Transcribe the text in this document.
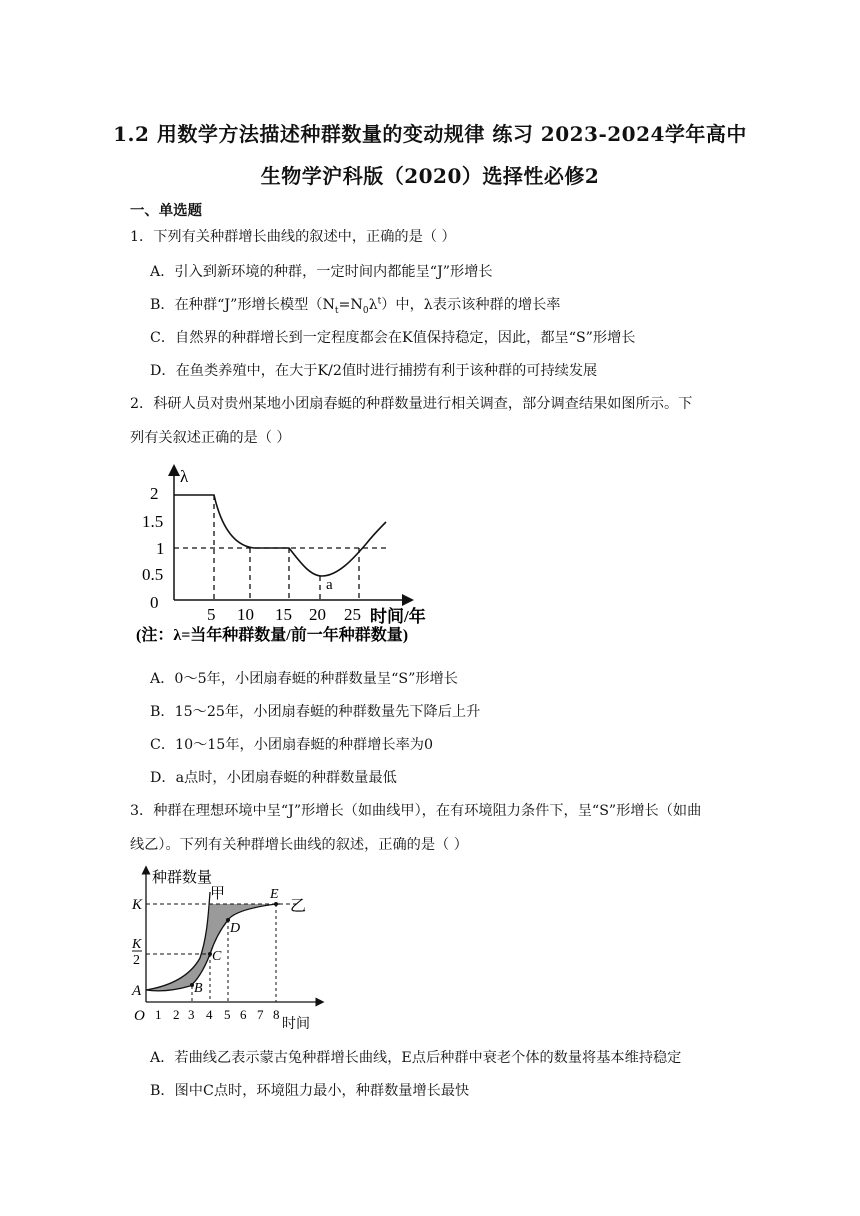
1.2 用数学方法描述种群数量的变动规律 练习 2023-2024学年高中
生物学沪科版（2020）选择性必修2
一、单选题
1．下列有关种群增长曲线的叙述中，正确的是（ ）
A．引入到新环境的种群，一定时间内都能呈“J”形增长
B．在种群“J”形增长模型$(N_t=N_0\lambda^t)$中，λ表示该种群的增长率
C．自然界的种群增长到一定程度都会在K值保持稳定，因此，都呈“S”形增长
D．在鱼类养殖中，在大于K/2值时进行捕捞有利于该种群的可持续发展
2．科研人员对贵州某地小团扇春蜓的种群数量进行相关调查，部分调查结果如图所示。下
列有关叙述正确的是（ ）
λ
2
1.5
1
0.5
0
5 10 15 20 25 时间/年
a
(注：λ=当年种群数量/前一年种群数量)
A．0～5年，小团扇春蜓的种群数量呈“S”形增长
B．15～25年，小团扇春蜓的种群数量先下降后上升
C．10～15年，小团扇春蜓的种群增长率为0
D．a点时，小团扇春蜓的种群数量最低
3．种群在理想环境中呈“J”形增长（如曲线甲），在有环境阻力条件下，呈“S”形增长（如曲
线乙）。下列有关种群增长曲线的叙述，正确的是（ ）
种群数量
甲
乙
K
K
2
A	B
C
D
E
O 1 2 3 4 5 6 7 8
时间
A．若曲线乙表示蒙古兔种群增长曲线，E点后种群中衰老个体的数量将基本维持稳定
B．图中C点时，环境阻力最小，种群数量增长最快
